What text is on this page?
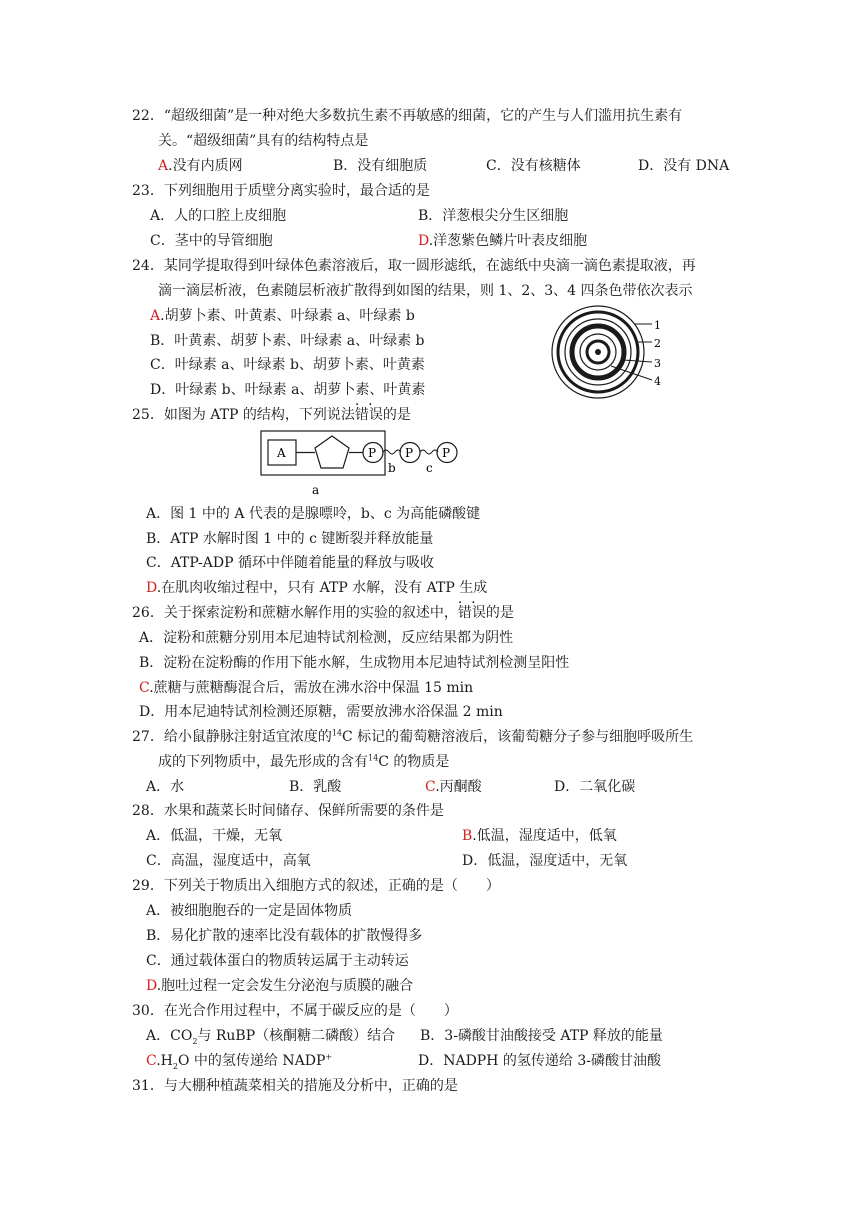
22．“超级细菌”是一种对绝大多数抗生素不再敏感的细菌，它的产生与人们滥用抗生素有
关。“超级细菌”具有的结构特点是
A.没有内质网	B．没有细胞质	C．没有核糖体	D．没有 DNA
23．下列细胞用于质壁分离实验时，最合适的是
A．人的口腔上皮细胞	B．洋葱根尖分生区细胞
C．茎中的导管细胞	D.洋葱紫色鳞片叶表皮细胞
24．某同学提取得到叶绿体色素溶液后，取一圆形滤纸，在滤纸中央滴一滴色素提取液，再
滴一滴层析液，色素随层析液扩散得到如图的结果，则 1、2、3、4 四条色带依次表示
A.胡萝卜素、叶黄素、叶绿素 a、叶绿素 b
B．叶黄素、胡萝卜素、叶绿素 a、叶绿素 b
C．叶绿素 a、叶绿素 b、胡萝卜素、叶黄素
D．叶绿素 b、叶绿素 a、胡萝卜素、叶黄素
1
2
3
4
25．如图为 ATP 的结构，下列说法错误 ·  ·的是
A	P P P
b	c
a
A．图 1 中的 A 代表的是腺嘌呤，b、c 为高能磷酸键
B．ATP 水解时图 1 中的 c 键断裂并释放能量
C．ATP-ADP 循环中伴随着能量的释放与吸收
D.在肌肉收缩过程中，只有 ATP 水解，没有 ATP 生成
26．关于探索淀粉和蔗糖水解作用的实验的叙述中，错误 ·  ·的是
A．淀粉和蔗糖分别用本尼迪特试剂检测，反应结果都为阴性
B．淀粉在淀粉酶的作用下能水解，生成物用本尼迪特试剂检测呈阳性
C.蔗糖与蔗糖酶混合后，需放在沸水浴中保温 15 min
D．用本尼迪特试剂检测还原糖，需要放沸水浴保温 2 min
27．给小鼠静脉注射适宜浓度的$^{14}$C 标记的葡萄糖溶液后，该葡萄糖分子参与细胞呼吸所生
成的下列物质中，最先形成的含有$^{14}$C 的物质是
A．水	B．乳酸	C.丙酮酸	D．二氧化碳
28．水果和蔬菜长时间储存、保鲜所需要的条件是
A．低温，干燥，无氧	B.低温，湿度适中，低氧
C．高温，湿度适中，高氧	D．低温，湿度适中，无氧
29．下列关于物质出入细胞方式的叙述，正确的是（　　）
A．被细胞胞吞的一定是固体物质
B．易化扩散的速率比没有载体的扩散慢得多
C．通过载体蛋白的物质转运属于主动转运
D.胞吐过程一定会发生分泌泡与质膜的融合
30．在光合作用过程中，不属于碳反应的是（　　）
A．$CO_2$与 RuBP（核酮糖二磷酸）结合 B．3-磷酸甘油酸接受 ATP 释放的能量
$C.H_2O$ 中的氢传递给 NADP+	D．NADPH 的氢传递给 3-磷酸甘油酸
31．与大棚种植蔬菜相关的措施及分析中，正确的是
